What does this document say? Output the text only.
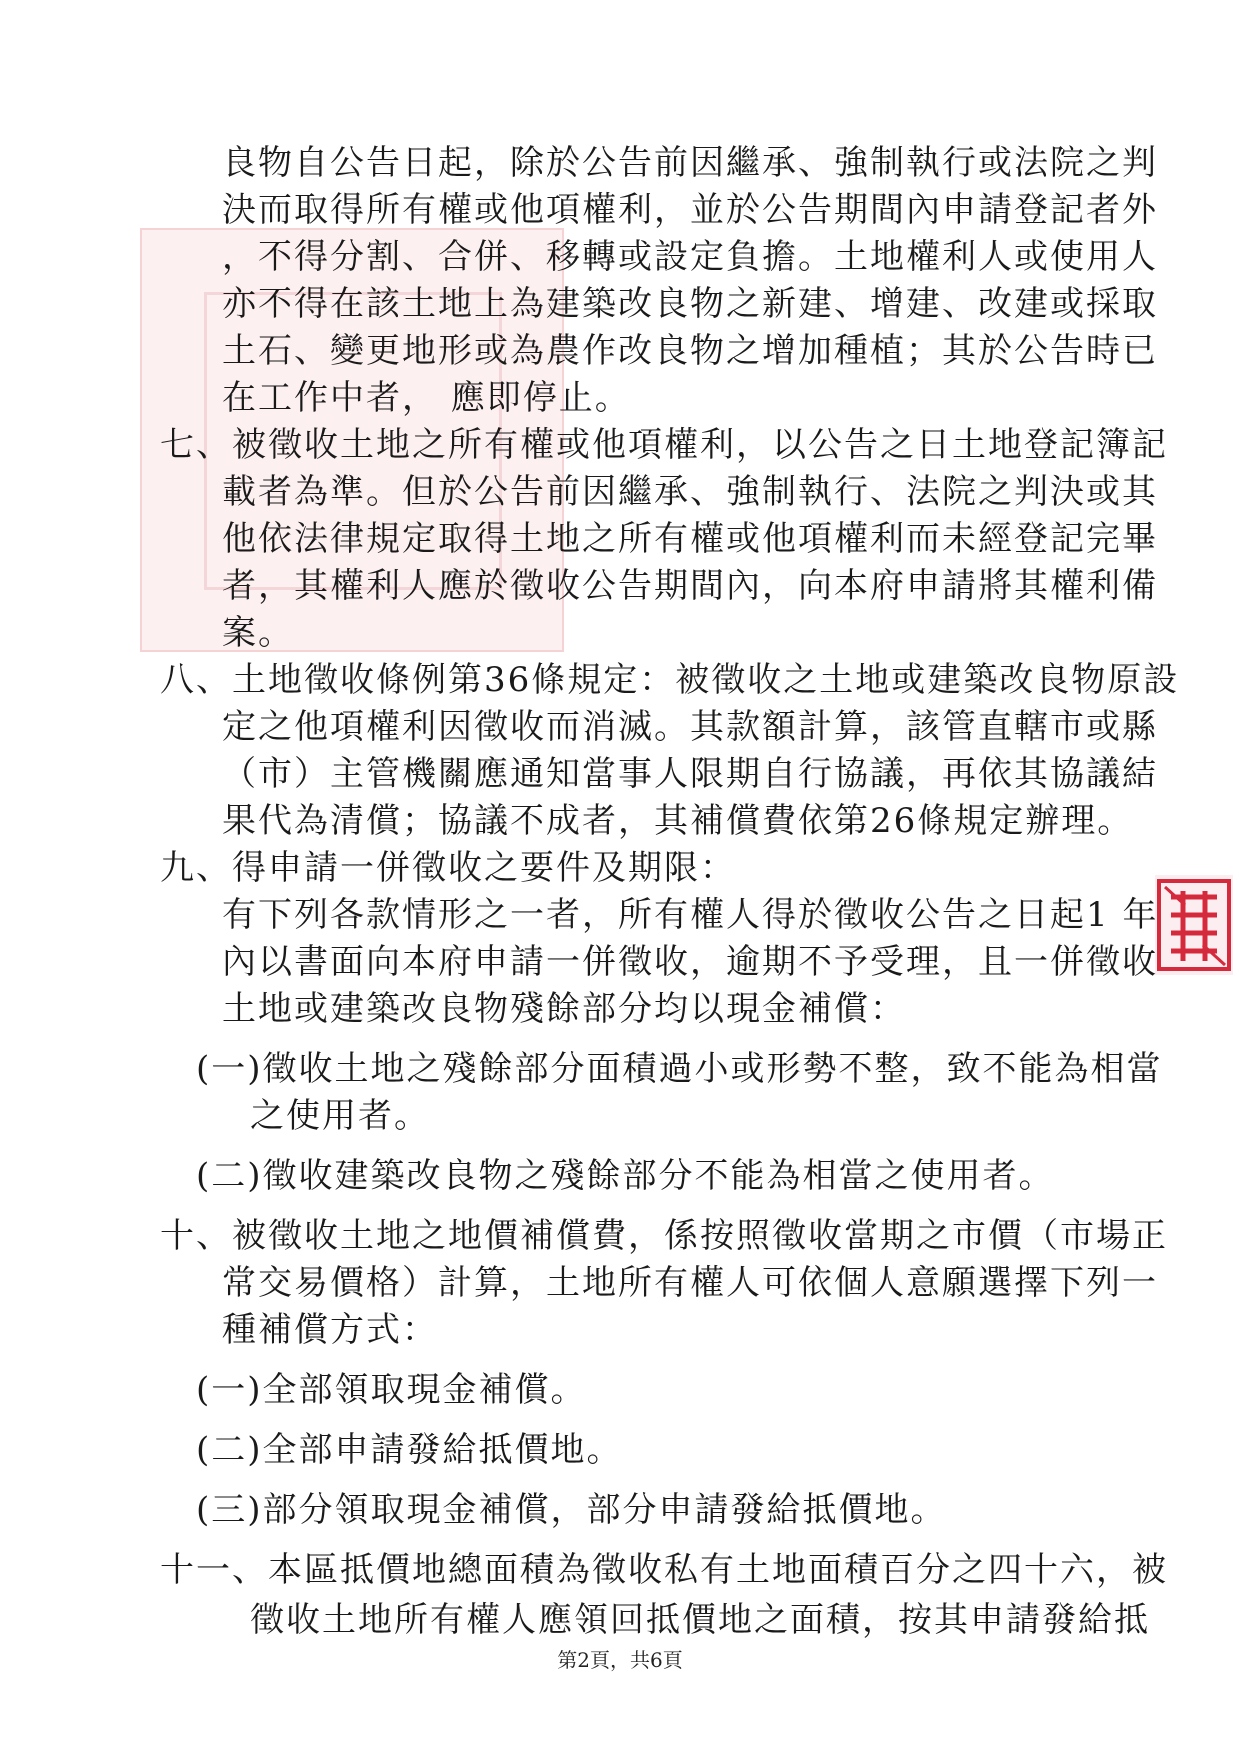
良物自公告日起，除於公告前因繼承、強制執行或法院之判
決而取得所有權或他項權利，並於公告期間內申請登記者外
，不得分割、合併、移轉或設定負擔。土地權利人或使用人
亦不得在該土地上為建築改良物之新建、增建、改建或採取
土石、變更地形或為農作改良物之增加種植；其於公告時已
在工作中者， 應即停止。
七、被徵收土地之所有權或他項權利，以公告之日土地登記簿記
載者為準。但於公告前因繼承、強制執行、法院之判決或其
他依法律規定取得土地之所有權或他項權利而未經登記完畢
者，其權利人應於徵收公告期間內，向本府申請將其權利備
案。
八、土地徵收條例第36條規定：被徵收之土地或建築改良物原設
定之他項權利因徵收而消滅。其款額計算，該管直轄市或縣
（市）主管機關應通知當事人限期自行協議，再依其協議結
果代為清償；協議不成者，其補償費依第26條規定辦理。
九、得申請一併徵收之要件及期限：
有下列各款情形之一者，所有權人得於徵收公告之日起1 年
內以書面向本府申請一併徵收，逾期不予受理，且一併徵收
土地或建築改良物殘餘部分均以現金補償：
(一)徵收土地之殘餘部分面積過小或形勢不整，致不能為相當
之使用者。
(二)徵收建築改良物之殘餘部分不能為相當之使用者。
十、被徵收土地之地價補償費，係按照徵收當期之市價（市場正
常交易價格）計算，土地所有權人可依個人意願選擇下列一
種補償方式：
(一)全部領取現金補償。
(二)全部申請發給抵價地。
(三)部分領取現金補償，部分申請發給抵價地。
十一、本區抵價地總面積為徵收私有土地面積百分之四十六，被
徵收土地所有權人應領回抵價地之面積，按其申請發給抵
第2頁，共6頁
